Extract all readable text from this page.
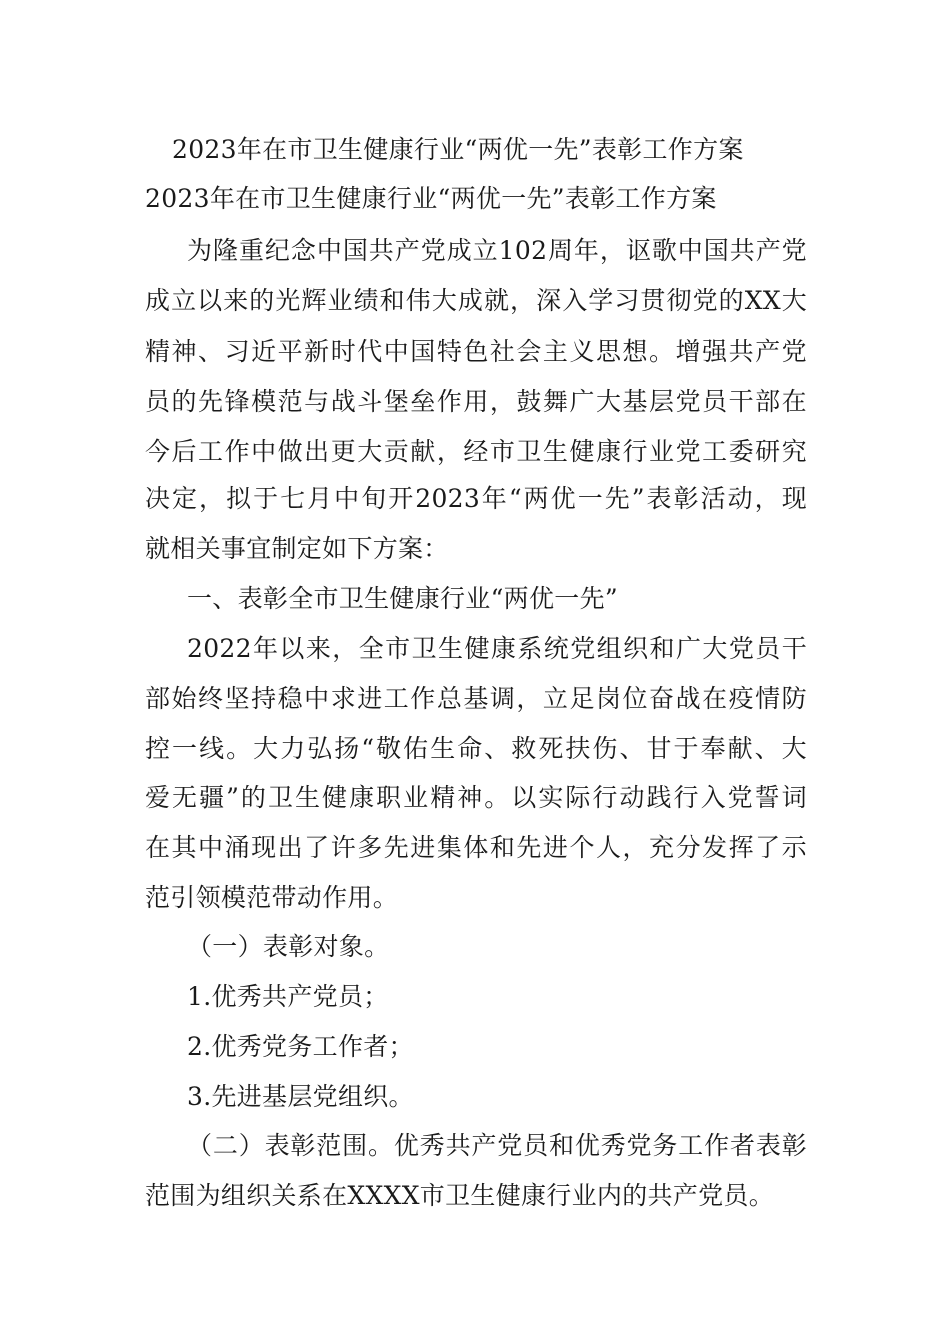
2023年在市卫生健康行业“两优一先”表彰工作方案
2023年在市卫生健康行业“两优一先”表彰工作方案
为隆重纪念中国共产党成立102周年，讴歌中国共产党
成立以来的光辉业绩和伟大成就，深入学习贯彻党的XX大
精神、习近平新时代中国特色社会主义思想。增强共产党
员的先锋模范与战斗堡垒作用，鼓舞广大基层党员干部在
今后工作中做出更大贡献，经市卫生健康行业党工委研究
决定，拟于七月中旬开2023年“两优一先”表彰活动，现
就相关事宜制定如下方案：
一、表彰全市卫生健康行业“两优一先”
2022年以来，全市卫生健康系统党组织和广大党员干
部始终坚持稳中求进工作总基调，立足岗位奋战在疫情防
控一线。大力弘扬“敬佑生命、救死扶伤、甘于奉献、大
爱无疆”的卫生健康职业精神。以实际行动践行入党誓词
在其中涌现出了许多先进集体和先进个人，充分发挥了示
范引领模范带动作用。
（一）表彰对象。
1.优秀共产党员；
2.优秀党务工作者；
3.先进基层党组织。
（二）表彰范围。优秀共产党员和优秀党务工作者表彰
范围为组织关系在XXXX市卫生健康行业内的共产党员。
